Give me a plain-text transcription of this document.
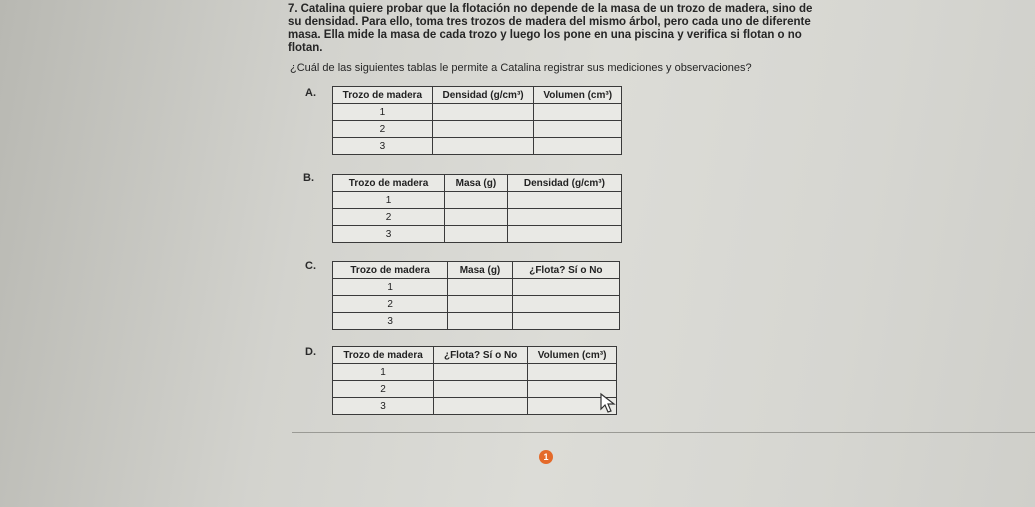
7. Catalina quiere probar que la flotación no depende de la masa de un trozo de madera, sino de su densidad. Para ello, toma tres trozos de madera del mismo árbol, pero cada uno de diferente masa. Ella mide la masa de cada trozo y luego los pone en una piscina y verifica si flotan o no flotan.
¿Cuál de las siguientes tablas le permite a Catalina registrar sus mediciones y observaciones?
A.	Trozo de madera	Densidad (g/cm³)	Volumen (cm³)
1		
2		
3		
B.	Trozo de madera	Masa (g)	Densidad (g/cm³)
1		
2		
3		
C.	Trozo de madera	Masa (g)	¿Flota? Sí o No
1		
2		
3		
D.	Trozo de madera	¿Flota? Sí o No	Volumen (cm³)
1		
2		
3		
1
